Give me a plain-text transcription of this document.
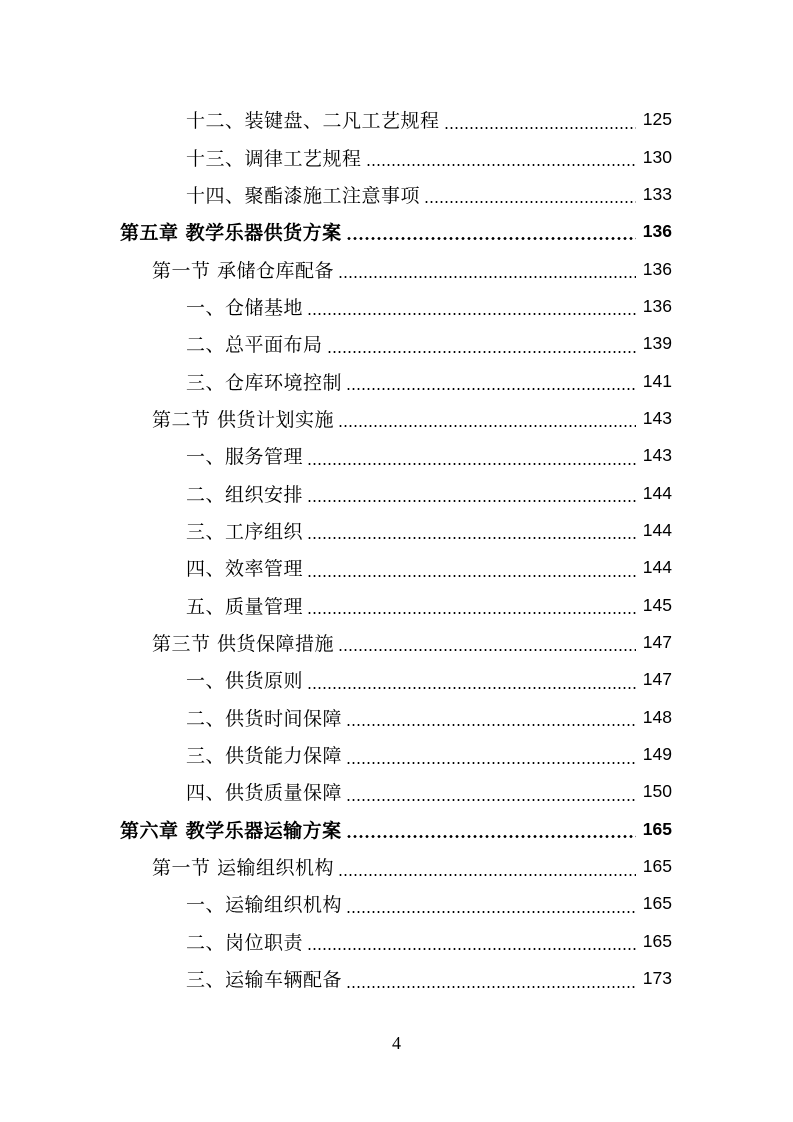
十二、装键盘、二凡工艺规程	125
十三、调律工艺规程	130
十四、聚酯漆施工注意事项	133
第五章 教学乐器供货方案	136
第一节 承储仓库配备	136
一、仓储基地	136
二、总平面布局	139
三、仓库环境控制	141
第二节 供货计划实施	143
一、服务管理	143
二、组织安排	144
三、工序组织	144
四、效率管理	144
五、质量管理	145
第三节 供货保障措施	147
一、供货原则	147
二、供货时间保障	148
三、供货能力保障	149
四、供货质量保障	150
第六章 教学乐器运输方案	165
第一节 运输组织机构	165
一、运输组织机构	165
二、岗位职责	165
三、运输车辆配备	173
4
